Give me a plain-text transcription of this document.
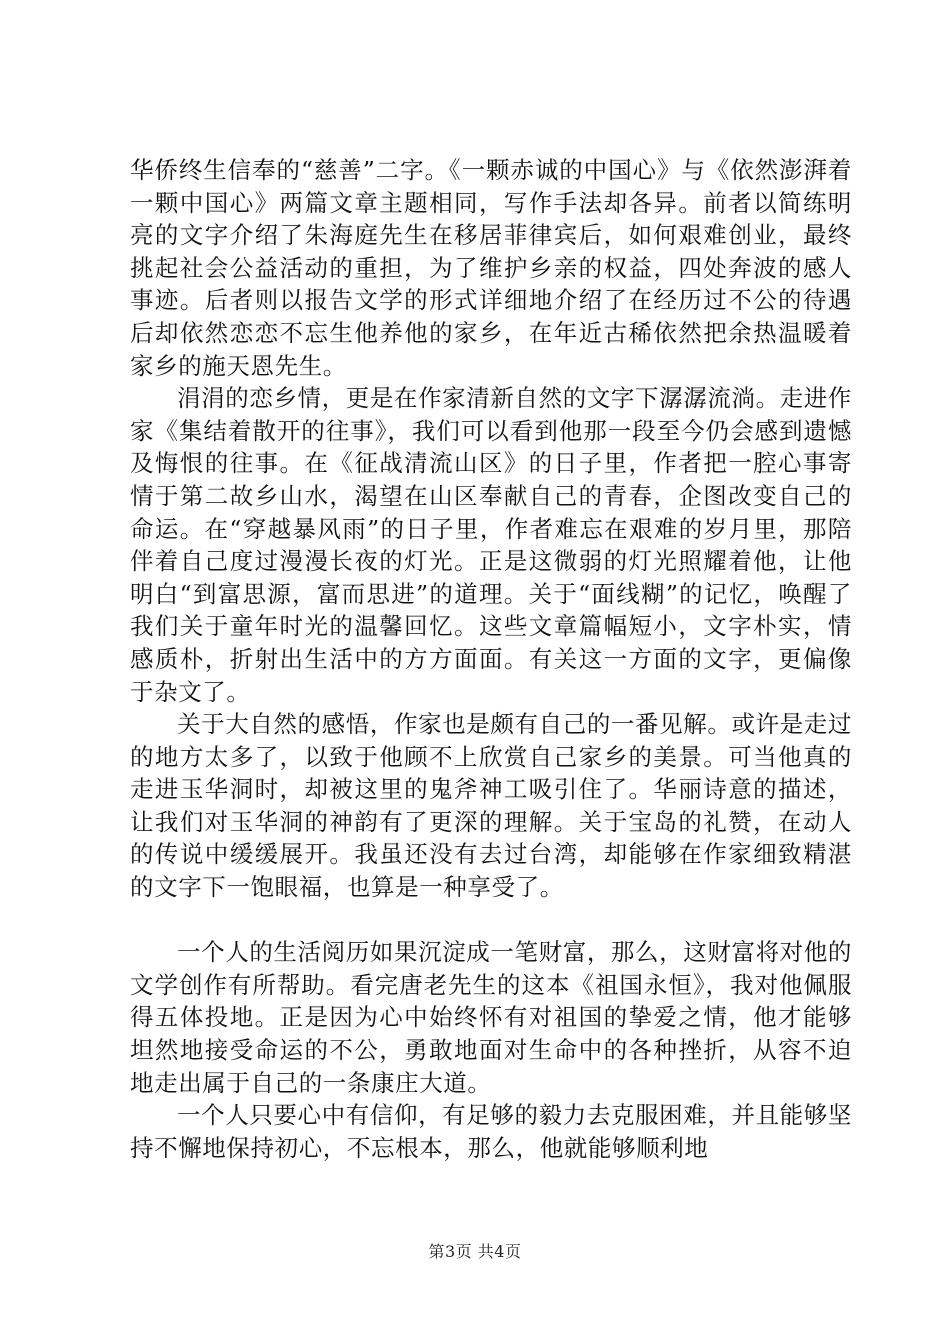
华侨终生信奉的“慈善”二字。《一颗赤诚的中国心》与《依然澎湃着一颗中国心》两篇文章主题相同，写作手法却各异。前者以简练明亮的文字介绍了朱海庭先生在移居菲律宾后，如何艰难创业，最终挑起社会公益活动的重担，为了维护乡亲的权益，四处奔波的感人事迹。后者则以报告文学的形式详细地介绍了在经历过不公的待遇后却依然恋恋不忘生他养他的家乡，在年近古稀依然把余热温暖着家乡的施天恩先生。

涓涓的恋乡情，更是在作家清新自然的文字下潺潺流淌。走进作家《集结着散开的往事》，我们可以看到他那一段至今仍会感到遗憾及悔恨的往事。在《征战清流山区》的日子里，作者把一腔心事寄情于第二故乡山水，渴望在山区奉献自己的青春，企图改变自己的命运。在“穿越暴风雨”的日子里，作者难忘在艰难的岁月里，那陪伴着自己度过漫漫长夜的灯光。正是这微弱的灯光照耀着他，让他明白“到富思源，富而思进”的道理。关于“面线糊”的记忆，唤醒了我们关于童年时光的温馨回忆。这些文章篇幅短小，文字朴实，情感质朴，折射出生活中的方方面面。有关这一方面的文字，更偏像于杂文了。

关于大自然的感悟，作家也是颇有自己的一番见解。或许是走过的地方太多了，以致于他顾不上欣赏自己家乡的美景。可当他真的走进玉华洞时，却被这里的鬼斧神工吸引住了。华丽诗意的描述，让我们对玉华洞的神韵有了更深的理解。关于宝岛的礼赞，在动人的传说中缓缓展开。我虽还没有去过台湾，却能够在作家细致精湛的文字下一饱眼福，也算是一种享受了。

一个人的生活阅历如果沉淀成一笔财富，那么，这财富将对他的文学创作有所帮助。看完唐老先生的这本《祖国永恒》，我对他佩服得五体投地。正是因为心中始终怀有对祖国的挚爱之情，他才能够坦然地接受命运的不公，勇敢地面对生命中的各种挫折，从容不迫地走出属于自己的一条康庄大道。

一个人只要心中有信仰，有足够的毅力去克服困难，并且能够坚持不懈地保持初心，不忘根本，那么，他就能够顺利地

第3页 共4页
